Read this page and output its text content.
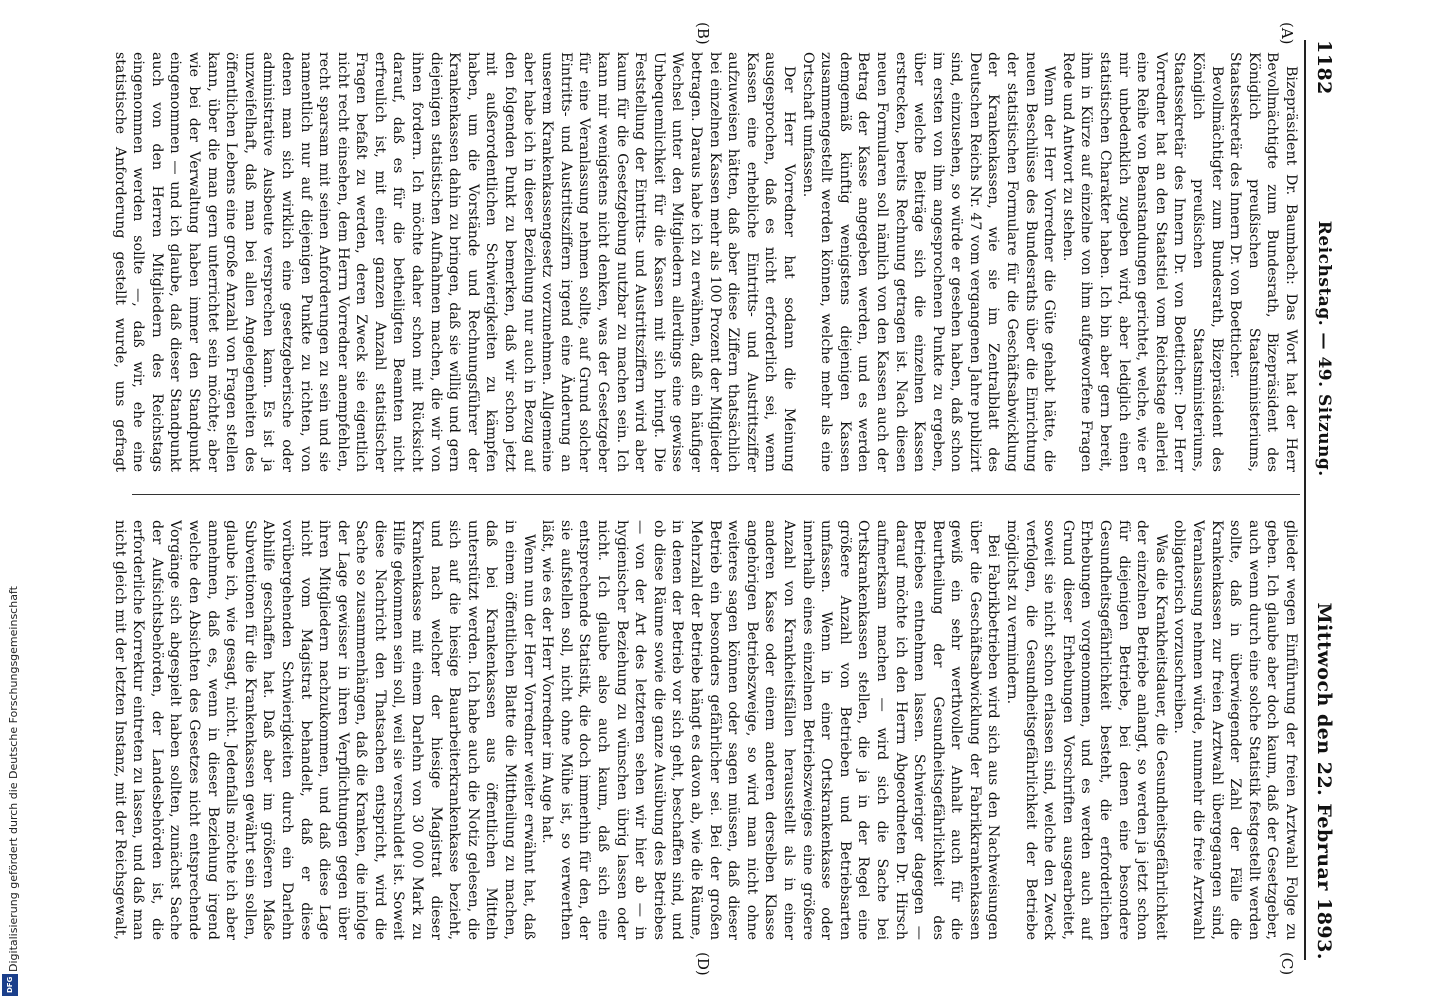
1182
Reichstag. — 49. Sitzung.
Mittwoch den 22. Februar 1893.
(A)
(B)
(C)
(D)

Bizepräsident Dr. Baumbach: Das Wort hat der Herr Bevollmächtigte zum Bundesrath, Bizepräsident des Königlich preußischen Staatsministeriums, Staatssekretär des Innern Dr. von Boetticher.

Bevollmächtigter zum Bundesrath, Bizepräsident des Königlich preußischen Staatsministeriums, Staatssekretär des Innern Dr. von Boetticher: Der Herr Vorredner hat an den Staatstiel vom Reichstage allerlei eine Reihe von Beanstandungen gerichtet, welche, wie er mir unbedenklich zugeben wird, aber lediglich einen statistischen Charakter haben. Ich bin aber gern bereit, ihm in Kürze auf einzelne von ihm aufgeworfene Fragen Rede und Antwort zu stehen.

Wenn der Herr Vorredner die Güte gehabt hätte, die neuen Beschlüsse des Bundesraths über die Einrichtung der statistischen Formulare für die Geschäftsabwicklung der Krankenkassen, wie sie im Zentralblatt des Deutschen Reichs Nr. 47 vom vergangenen Jahre publizirt sind, einzusehen, so würde er gesehen haben, daß schon im ersten von ihm angesprochenen Punkte zu ergeben, über welche Beiträge sich die einzelnen Kassen erstrecken, bereits Rechnung getragen ist. Nach diesen neuen Formularen soll nämlich von den Kassen auch der Betrag der Kasse angegeben werden, und es werden demgemäß künftig wenigstens diejenigen Kassen zusammengestellt werden können, welche mehr als eine Ortschaft umfassen.

Der Herr Vorredner hat sodann die Meinung ausgesprochen, daß es nicht erforderlich sei, wenn Kassen eine erhebliche Eintritts- und Austrittsziffer aufzuweisen hätten, daß aber diese Ziffern thatsächlich bei einzelnen Kassen mehr als 100 Prozent der Mitglieder betragen. Daraus habe ich zu erwähnen, daß ein häufiger Wechsel unter den Mitgliedern allerdings eine gewisse Unbequemlichkeit für die Kassen mit sich bringt. Die Feststellung der Eintritts- und Austrittsziffern wird aber kaum für die Gesetzgebung nutzbar zu machen sein. Ich kann mir wenigstens nicht denken, was der Gesetzgeber für eine Veranlassung nehmen sollte, auf Grund solcher Eintritts- und Austrittsziffern irgend eine Änderung an unserem Krankenkassengesetz vorzunehmen. Allgemeine aber habe ich in dieser Beziehung nur auch in Bezug auf den folgenden Punkt zu bemerken, daß wir schon jetzt mit außerordentlichen Schwierigkeiten zu kämpfen haben, um die Vorstände und Rechnungsführer der Krankenkassen dahin zu bringen, daß sie willig und gern diejenigen statistischen Aufnahmen machen, die wir von ihnen fordern. Ich möchte daher schon mit Rücksicht darauf, daß es für die betheiligten Beamten nicht erfreulich ist, mit einer ganzen Anzahl statistischer Fragen befaßt zu werden, deren Zweck sie eigentlich nicht recht einsehen, dem Herrn Vorredner anempfehlen, recht sparsam mit seinen Anforderungen zu sein und sie namentlich nur auf diejenigen Punkte zu richten, von denen man sich wirklich eine gesetzgeberische oder administrative Ausbeute versprechen kann. Es ist ja unzweifelhaft, daß man bei allen Angelegenheiten des öffentlichen Lebens eine große Anzahl von Fragen stellen kann, über die man gern unterrichtet sein möchte; aber wie bei der Verwaltung haben immer den Standpunkt eingenommen — und ich glaube, daß dieser Standpunkt auch von den Herren Mitgliedern des Reichstags eingenommen werden sollte —, daß wir, ehe eine statistische Anforderung gestellt wurde, uns gefragt

glieder wegen Einführung der freien Arztwahl Folge zu geben. Ich glaube aber doch kaum, daß der Gesetzgeber, auch wenn durch eine solche Statistik festgestellt werden sollte, daß in überwiegender Zahl der Fälle die Krankenkassen zur freien Arztwahl übergegangen sind, Veranlassung nehmen würde, nunmehr die freie Arztwahl obligatorisch vorzuschreiben.

Was die Krankheitsdauer, die Gesundheitsgefährlichkeit der einzelnen Betriebe anlangt, so werden ja jetzt schon für diejenigen Betriebe, bei denen eine besondere Gesundheitsgefährlichkeit besteht, die erforderlichen Erhebungen vorgenommen, und es werden auch auf Grund dieser Erhebungen Vorschriften ausgearbeitet, soweit sie nicht schon erlassen sind, welche den Zweck verfolgen, die Gesundheitsgefährlichkeit der Betriebe möglichst zu vermindern.

Bei Fabrikbetrieben wird sich aus den Nachweisungen über die Geschäftsabwicklung der Fabrikkrankenkassen gewiß ein sehr werthvoller Anhalt auch für die Beurtheilung der Gesundheitsgefährlichkeit des Betriebes entnehmen lassen. Schwieriger dagegen — darauf möchte ich den Herrn Abgeordneten Dr. Hirsch aufmerksam machen — wird sich die Sache bei Ortskrankenkassen stellen, die ja in der Regel eine größere Anzahl von Betrieben und Betriebsarten umfassen. Wenn in einer Ortskrankenkasse oder innerhalb eines einzelnen Betriebszweiges eine größere Anzahl von Krankheitsfällen herausstellt als in einer anderen Kasse oder einem anderen derselben Klasse angehörigen Betriebszweige, so wird man nicht ohne weiteres sagen können oder sagen müssen, daß dieser Betrieb ein besonders gefährlicher sei. Bei der großen Mehrzahl der Betriebe hängt es davon ab, wie die Räume, in denen der Betrieb vor sich geht, beschaffen sind, und ob diese Räume sowie die ganze Ausübung des Betriebes — von der Art des letzteren sehen wir hier ab — in hygienischer Beziehung zu wünschen übrig lassen oder nicht. Ich glaube also auch kaum, daß sich eine entsprechende Statistik, die doch immerhin für den, der sie aufstellen soll, nicht ohne Mühe ist, so verwerthen läßt, wie es der Herr Vorredner im Auge hat.

Wenn nun der Herr Vorredner weiter erwähnt hat, daß in einem öffentlichen Blatte die Mittheilung zu machen, daß bei Krankenkassen aus öffentlichen Mitteln unterstützt werden. Ich habe auch die Notiz gelesen, die sich auf die hiesige Bauarbeiterkrankenkasse bezieht, und nach welcher der hiesige Magistrat dieser Krankenkasse mit einem Darlehn von 30 000 Mark zu Hilfe gekommen sein soll, weil sie verschuldet ist. Soweit diese Nachricht den Thatsachen entspricht, wird die Sache so zusammenhängen, daß die Kranken, die infolge der Lage gewisser in ihren Verpflichtungen gegen über ihren Mitgliedern nachzukommen, und daß diese Lage nicht vom Magistrat behandelt, daß er diese vorübergehenden Schwierigkeiten durch ein Darlehn Abhilfe geschaffen hat. Daß aber im größeren Maße Subventionen für die Krankenkassen gewährt sein sollen, glaube ich, wie gesagt, nicht. Jedenfalls möchte ich aber annehmen, daß es, wenn in dieser Beziehung irgend welche den Absichten des Gesetzes nicht entsprechende Vorgänge sich abgespielt haben sollten, zunächst Sache der Aufsichtsbehörden, der Landesbehörden ist, die erforderliche Korrektur eintreten zu lassen, und daß man nicht gleich mit der letzten Instanz, mit der Reichsgewalt,

Digitalisierung gefördert durch die Deutsche Forschungsgemeinschaft
DFG
